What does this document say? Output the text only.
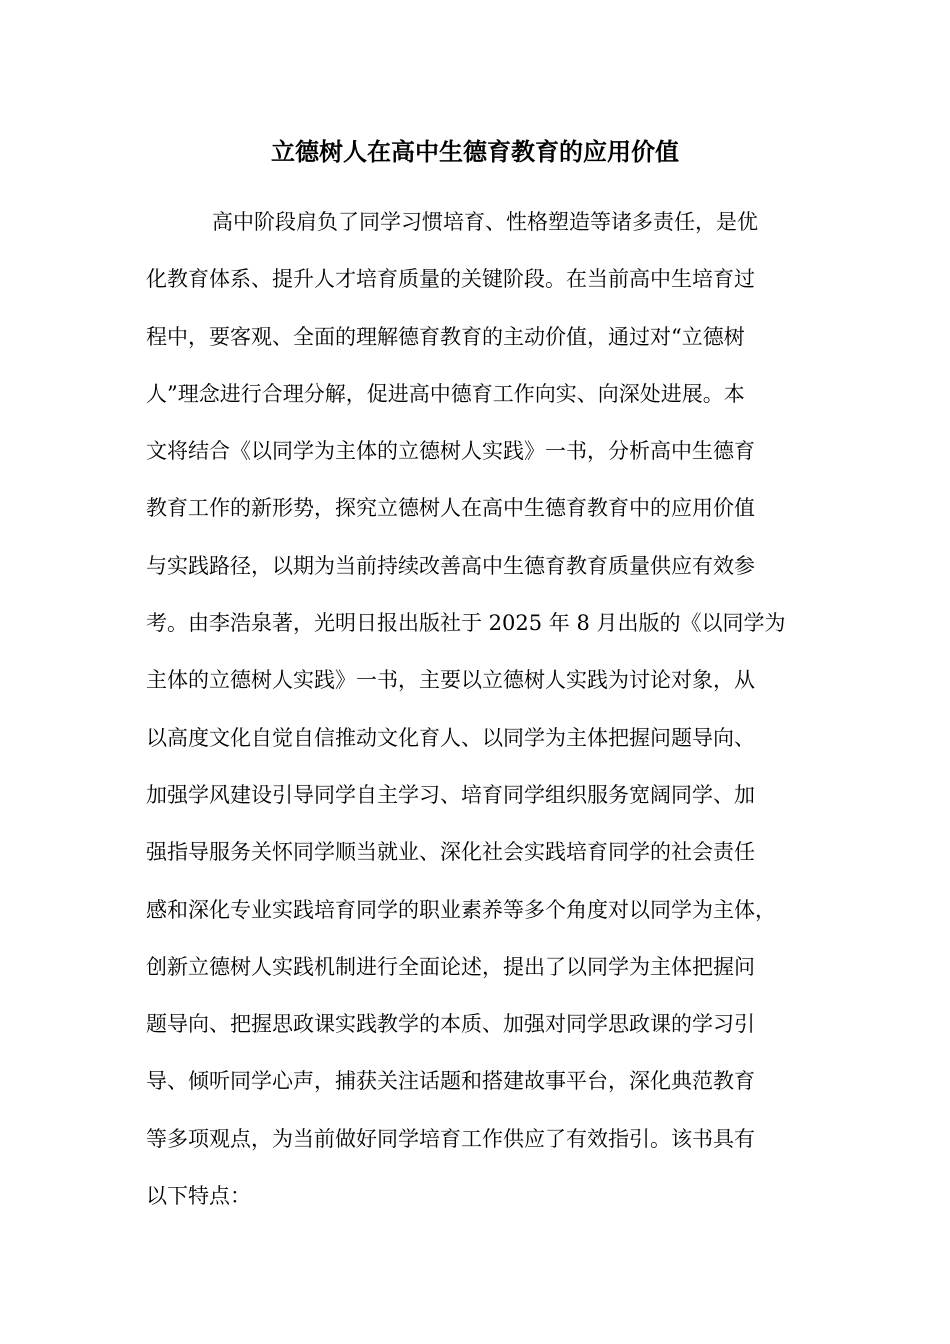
立德树人在高中生德育教育的应用价值
高中阶段肩负了同学习惯培育、性格塑造等诸多责任，是优
化教育体系、提升人才培育质量的关键阶段。在当前高中生培育过
程中，要客观、全面的理解德育教育的主动价值，通过对“立德树
人”理念进行合理分解，促进高中德育工作向实、向深处进展。本
文将结合《以同学为主体的立德树人实践》一书，分析高中生德育
教育工作的新形势，探究立德树人在高中生德育教育中的应用价值
与实践路径，以期为当前持续改善高中生德育教育质量供应有效参
考。由李浩泉著，光明日报出版社于 2025 年 8 月出版的《以同学为
主体的立德树人实践》一书，主要以立德树人实践为讨论对象，从
以高度文化自觉自信推动文化育人、以同学为主体把握问题导向、
加强学风建设引导同学自主学习、培育同学组织服务宽阔同学、加
强指导服务关怀同学顺当就业、深化社会实践培育同学的社会责任
感和深化专业实践培育同学的职业素养等多个角度对以同学为主体，
创新立德树人实践机制进行全面论述，提出了以同学为主体把握问
题导向、把握思政课实践教学的本质、加强对同学思政课的学习引
导、倾听同学心声，捕获关注话题和搭建故事平台，深化典范教育
等多项观点，为当前做好同学培育工作供应了有效指引。该书具有
以下特点：
